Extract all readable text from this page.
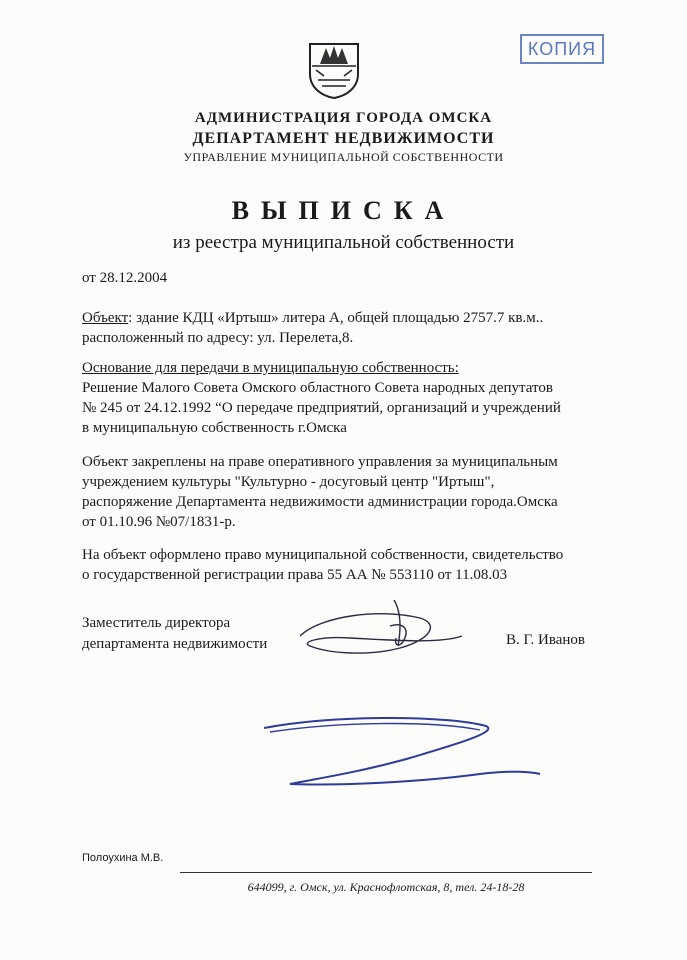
КОПИЯ
АДМИНИСТРАЦИЯ ГОРОДА ОМСКА
ДЕПАРТАМЕНТ НЕДВИЖИМОСТИ
УПРАВЛЕНИЕ МУНИЦИПАЛЬНОЙ СОБСТВЕННОСТИ
ВЫПИСКА
из реестра муниципальной собственности
от 28.12.2004
Объект: здание КДЦ «Иртыш» литера А, общей площадью 2757.7 кв.м..
расположенный по адресу: ул. Перелета,8.
Основание для передачи в муниципальную собственность:
Решение Малого Совета Омского областного Совета народных депутатов
№ 245 от 24.12.1992 “О передаче предприятий, организаций и учреждений
в муниципальную собственность г.Омска
Объект закреплены на праве оперативного управления за муниципальным
учреждением культуры "Культурно - досуговый центр "Иртыш",
распоряжение Департамента недвижимости администрации города.Омска
от 01.10.96 №07/1831-р.
На объект оформлено право муниципальной собственности, свидетельство
о государственной регистрации права 55 АА № 553110 от 11.08.03
Заместитель директора
департамента недвижимости	В. Г. Иванов
Полоухина М.В.
644099, г. Омск, ул. Краснофлотская, 8, тел. 24-18-28
